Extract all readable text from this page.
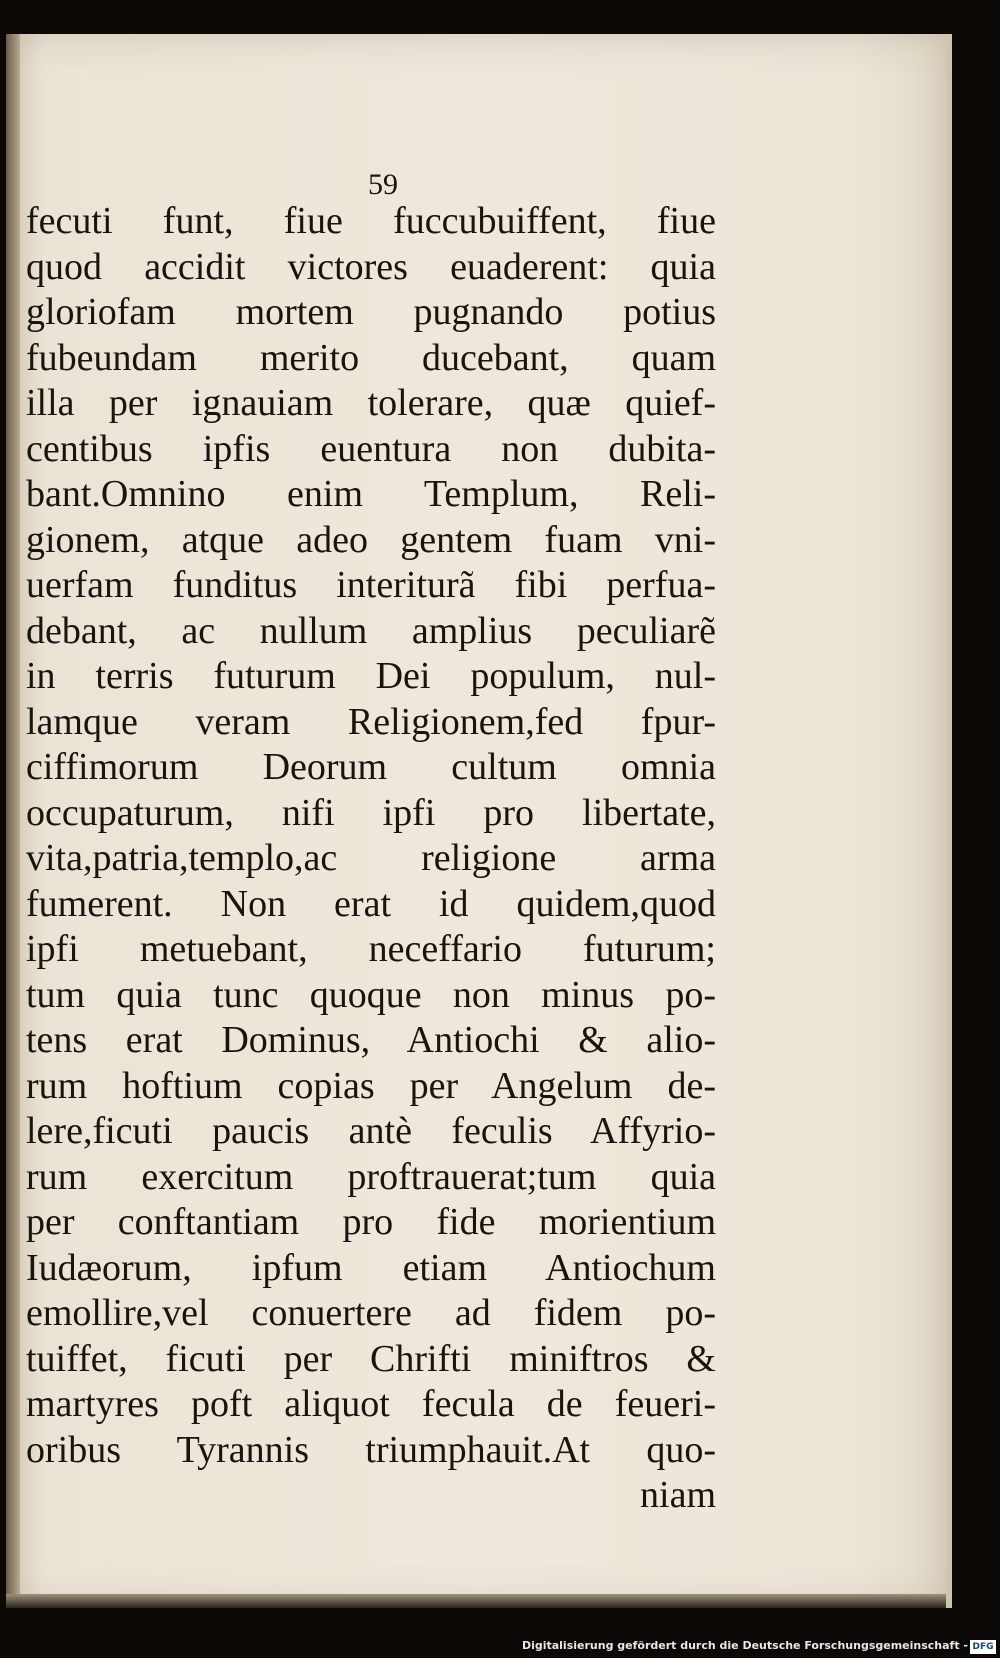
59
fecuti funt, fiue fuccubuiffent, fiue
quod accidit victores euaderent: quia
gloriofam mortem pugnando potius
fubeundam merito ducebant, quam
illa per ignauiam tolerare, quæ quief-
centibus ipfis euentura non dubita-
bant.Omnino enim Templum, Reli-
gionem, atque adeo gentem fuam vni-
uerfam funditus interiturã fibi perfua-
debant, ac nullum amplius peculiarẽ
in terris futurum Dei populum, nul-
lamque veram Religionem,fed fpur-
ciffimorum Deorum cultum omnia
occupaturum, nifi ipfi pro libertate,
vita,patria,templo,ac religione arma
fumerent. Non erat id quidem,quod
ipfi metuebant, neceffario futurum;
tum quia tunc quoque non minus po-
tens erat Dominus, Antiochi & alio-
rum hoftium copias per Angelum de-
lere,ficuti paucis antè feculis Affyrio-
rum exercitum proftrauerat;tum quia
per conftantiam pro fide morientium
Iudæorum, ipfum etiam Antiochum
emollire,vel conuertere ad fidem po-
tuiffet, ficuti per Chrifti miniftros &
martyres poft aliquot fecula de feueri-
oribus Tyrannis triumphauit.At quo-
niam
Digitalisierung gefördert durch die Deutsche Forschungsgemeinschaft - DFG
